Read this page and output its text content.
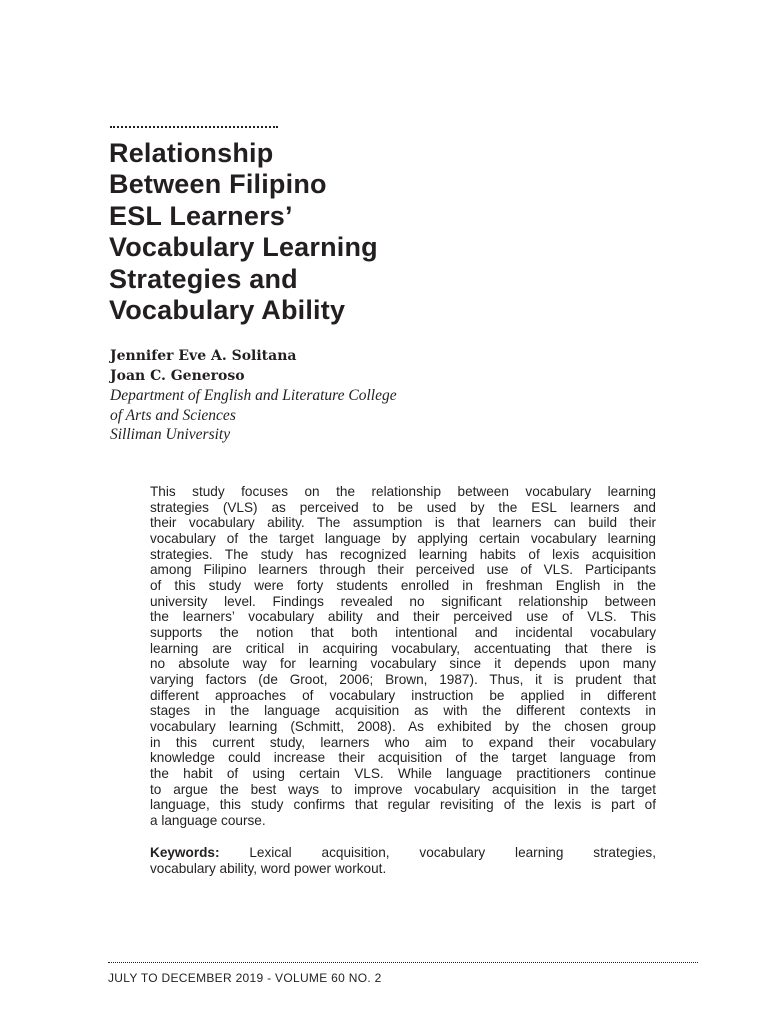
Relationship
Between Filipino
ESL Learners’
Vocabulary Learning
Strategies and
Vocabulary Ability
Jennifer Eve A. Solitana
Joan C. Generoso
Department of English and Literature College
of Arts and Sciences
Silliman University
This study focuses on the relationship between vocabulary learning
strategies (VLS) as perceived to be used by the ESL learners and
their vocabulary ability. The assumption is that learners can build their
vocabulary of the target language by applying certain vocabulary learning
strategies. The study has recognized learning habits of lexis acquisition
among Filipino learners through their perceived use of VLS. Participants
of this study were forty students enrolled in freshman English in the
university level. Findings revealed no significant relationship between
the learners’ vocabulary ability and their perceived use of VLS. This
supports the notion that both intentional and incidental vocabulary
learning are critical in acquiring vocabulary, accentuating that there is
no absolute way for learning vocabulary since it depends upon many
varying factors (de Groot, 2006; Brown, 1987). Thus, it is prudent that
different approaches of vocabulary instruction be applied in different
stages in the language acquisition as with the different contexts in
vocabulary learning (Schmitt, 2008). As exhibited by the chosen group
in this current study, learners who aim to expand their vocabulary
knowledge could increase their acquisition of the target language from
the habit of using certain VLS. While language practitioners continue
to argue the best ways to improve vocabulary acquisition in the target
language, this study confirms that regular revisiting of the lexis is part of
a language course.
Keywords: Lexical acquisition, vocabulary learning strategies,
vocabulary ability, word power workout.
JULY TO DECEMBER 2019 - VOLUME 60 NO. 2
